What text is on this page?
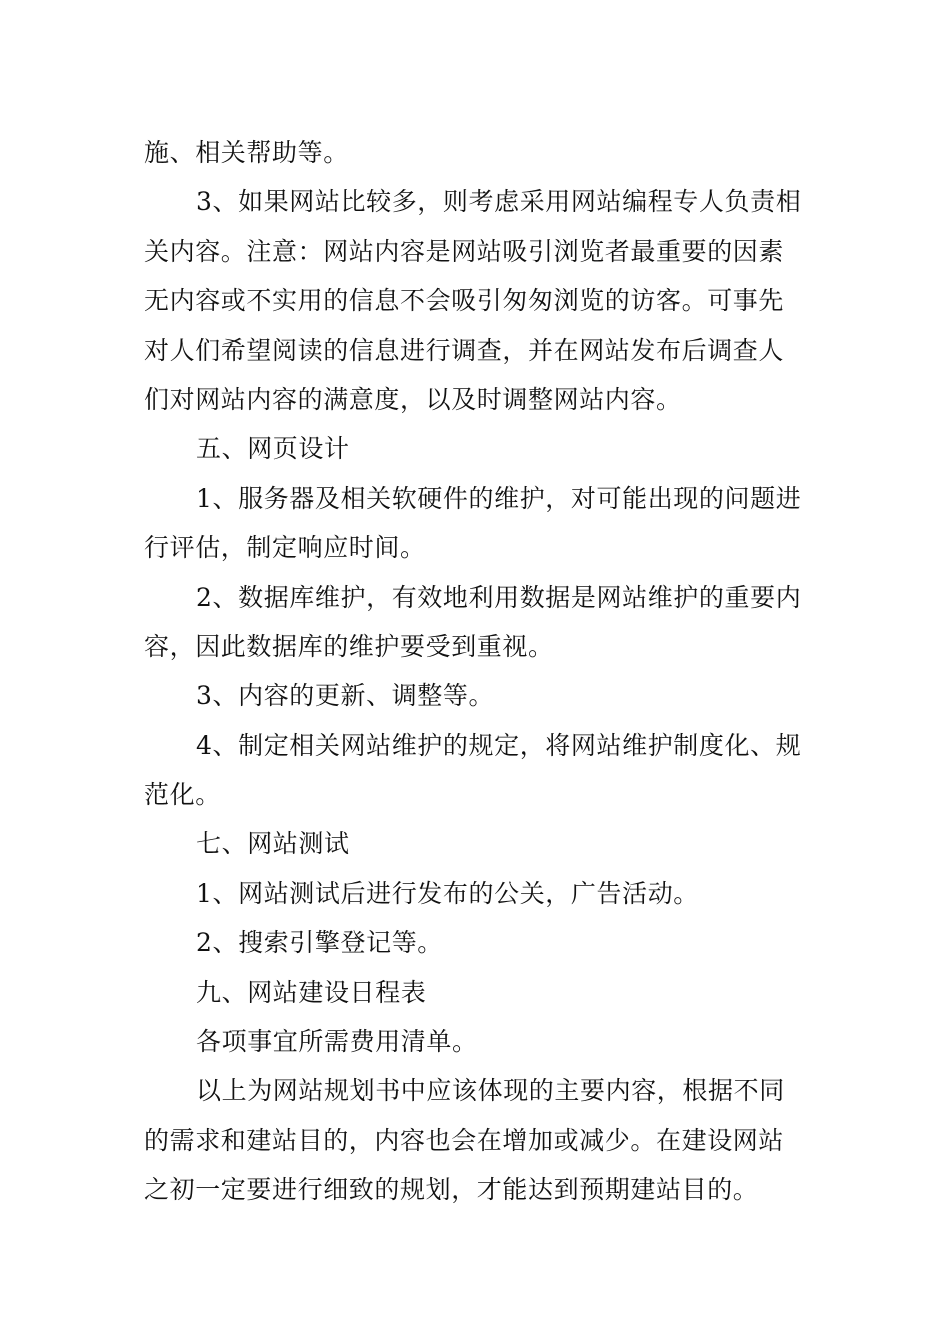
施、相关帮助等。
3、如果网站比较多，则考虑采用网站编程专人负责相
关内容。注意：网站内容是网站吸引浏览者最重要的因素
无内容或不实用的信息不会吸引匆匆浏览的访客。可事先
对人们希望阅读的信息进行调查，并在网站发布后调查人
们对网站内容的满意度，以及时调整网站内容。
五、网页设计
1、服务器及相关软硬件的维护，对可能出现的问题进
行评估，制定响应时间。
2、数据库维护，有效地利用数据是网站维护的重要内
容，因此数据库的维护要受到重视。
3、内容的更新、调整等。
4、制定相关网站维护的规定，将网站维护制度化、规
范化。
七、网站测试
1、网站测试后进行发布的公关，广告活动。
2、搜索引擎登记等。
九、网站建设日程表
各项事宜所需费用清单。
以上为网站规划书中应该体现的主要内容，根据不同
的需求和建站目的，内容也会在增加或减少。在建设网站
之初一定要进行细致的规划，才能达到预期建站目的。
